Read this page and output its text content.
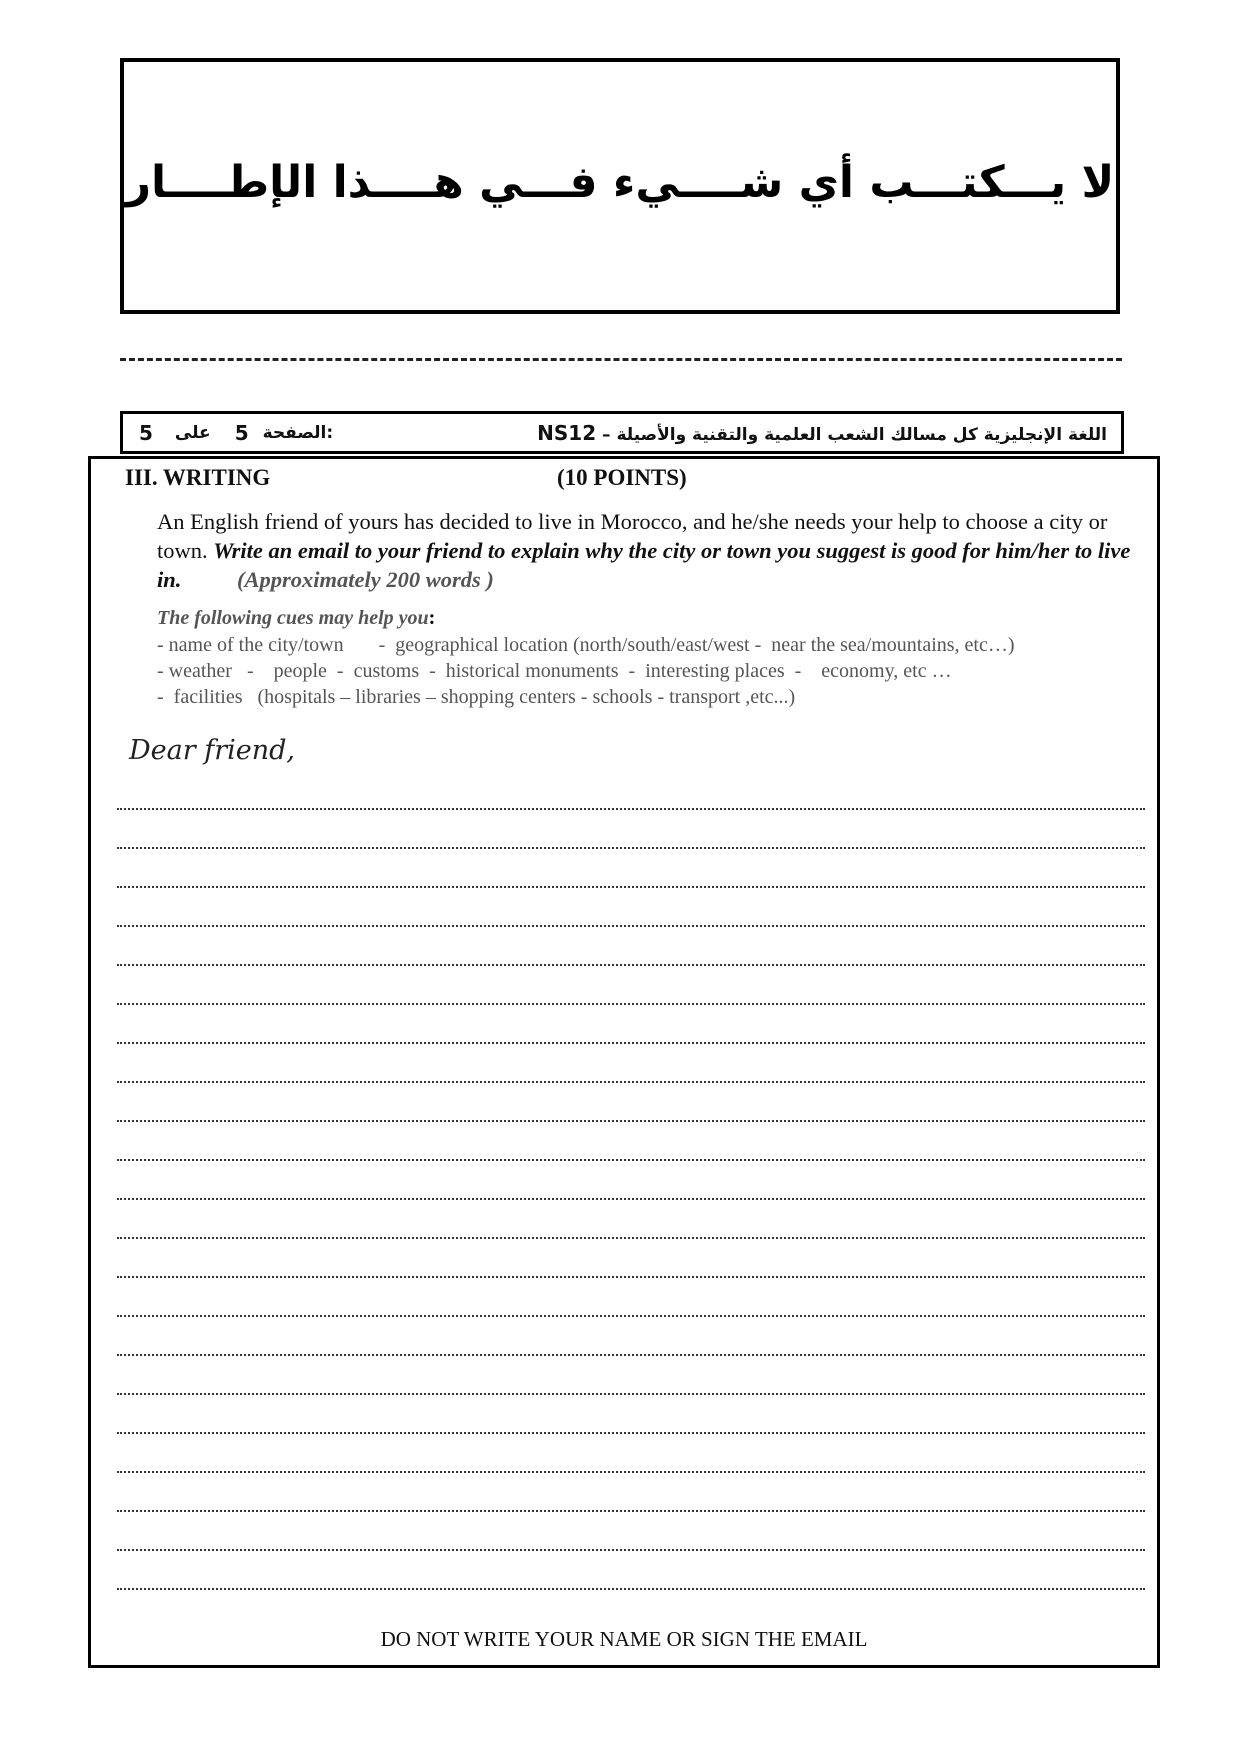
لا يـــكتـــب أي شــــيء فـــي هــــذا الإطــــار
5 على 5 الصفحة:	اللغة الإنجليزية كل مسالك الشعب العلمية والتقنية والأصيلة – NS12
III. WRITING	(10 POINTS)
An English friend of yours has decided to live in Morocco, and he/she needs your help to choose a city or town. Write an email to your friend to explain why the city or town you suggest is good for him/her to live in. (Approximately 200 words )
The following cues may help you:
- name of the city/town       -  geographical location (north/south/east/west -  near the sea/mountains, etc…)
- weather   -    people  -  customs  -  historical monuments  -  interesting places  -    economy, etc …
-  facilities   (hospitals – libraries – shopping centers - schools - transport ,etc...)
Dear friend,
DO NOT WRITE YOUR NAME OR SIGN THE EMAIL
